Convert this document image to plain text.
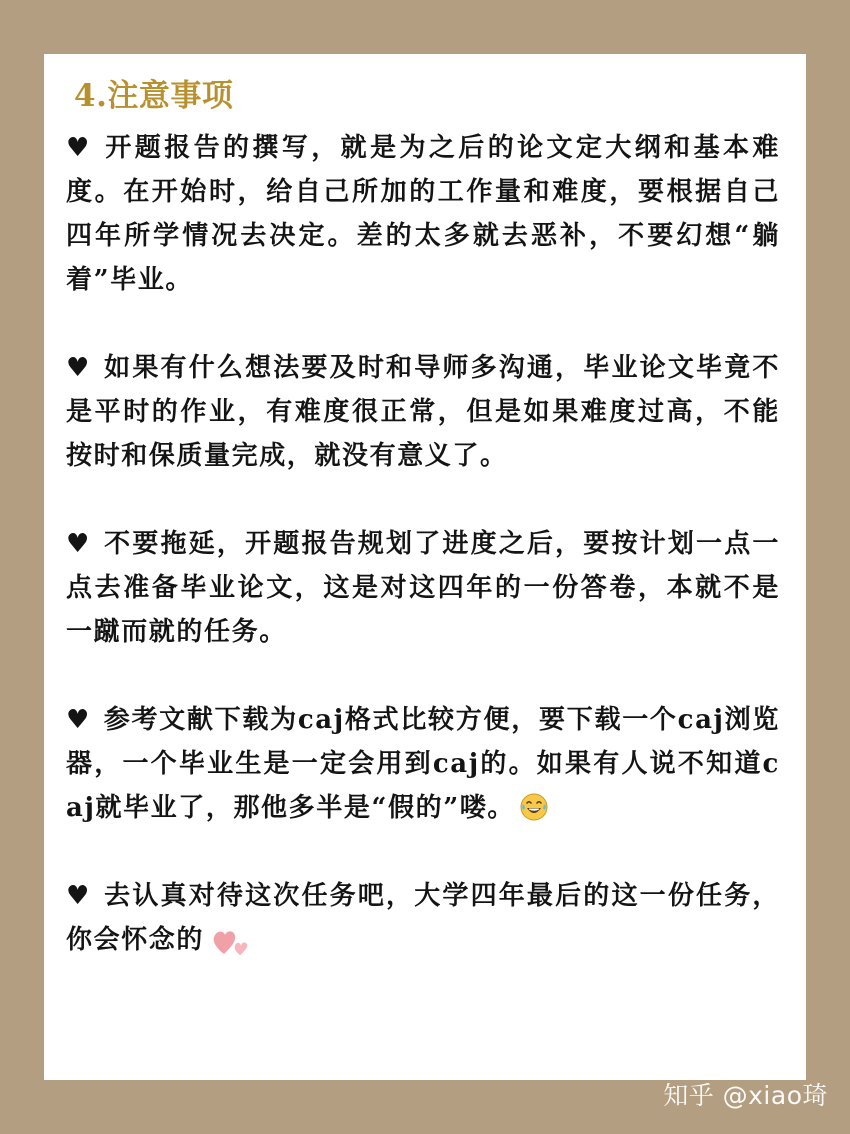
4.注意事项

♥ 开题报告的撰写，就是为之后的论文定大纲和基本难度。在开始时，给自己所加的工作量和难度，要根据自己四年所学情况去决定。差的太多就去恶补，不要幻想“躺着”毕业。

♥ 如果有什么想法要及时和导师多沟通，毕业论文毕竟不是平时的作业，有难度很正常，但是如果难度过高，不能按时和保质量完成，就没有意义了。

♥ 不要拖延，开题报告规划了进度之后，要按计划一点一点去准备毕业论文，这是对这四年的一份答卷，本就不是一蹴而就的任务。

♥ 参考文献下载为caj格式比较方便，要下载一个caj浏览器，一个毕业生是一定会用到caj的。如果有人说不知道caj就毕业了，那他多半是“假的”喽。

♥ 去认真对待这次任务吧，大学四年最后的这一份任务，你会怀念的

知乎 @xiao琦
